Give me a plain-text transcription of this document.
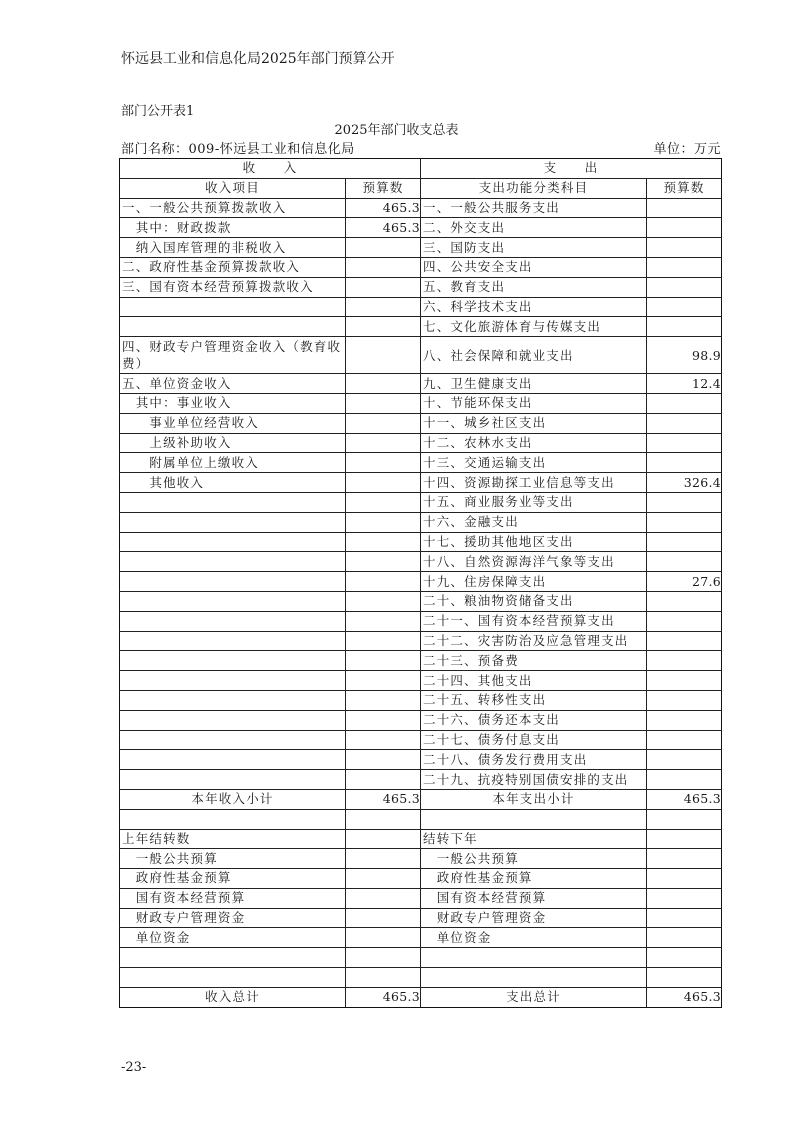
怀远县工业和信息化局2025年部门预算公开
部门公开表1
2025年部门收支总表
部门名称：009-怀远县工业和信息化局	单位：万元
收　　入		支　　出	
收入项目	预算数	支出功能分类科目	预算数
一、一般公共预算拨款收入	465.3	一、一般公共服务支出	
　其中：财政拨款	465.3	二、外交支出	
　纳入国库管理的非税收入		三、国防支出	
二、政府性基金预算拨款收入		四、公共安全支出	
三、国有资本经营预算拨款收入		五、教育支出	
		六、科学技术支出	
		七、文化旅游体育与传媒支出	
四、财政专户管理资金收入（教育收费）		八、社会保障和就业支出	98.9
五、单位资金收入		九、卫生健康支出	12.4
　其中：事业收入		十、节能环保支出	
　　事业单位经营收入		十一、城乡社区支出	
　　上级补助收入		十二、农林水支出	
　　附属单位上缴收入		十三、交通运输支出	
　　其他收入		十四、资源勘探工业信息等支出	326.4
		十五、商业服务业等支出	
		十六、金融支出	
		十七、援助其他地区支出	
		十八、自然资源海洋气象等支出	
		十九、住房保障支出	27.6
		二十、粮油物资储备支出	
		二十一、国有资本经营预算支出	
		二十二、灾害防治及应急管理支出	
		二十三、预备费	
		二十四、其他支出	
		二十五、转移性支出	
		二十六、债务还本支出	
		二十七、债务付息支出	
		二十八、债务发行费用支出	
		二十九、抗疫特别国债安排的支出	
本年收入小计	465.3	本年支出小计	465.3

上年结转数		结转下年	
　一般公共预算		　一般公共预算	
　政府性基金预算		　政府性基金预算	
　国有资本经营预算		　国有资本经营预算	
　财政专户管理资金		　财政专户管理资金	
　单位资金		　单位资金	

收入总计	465.3	支出总计	465.3
-23-
